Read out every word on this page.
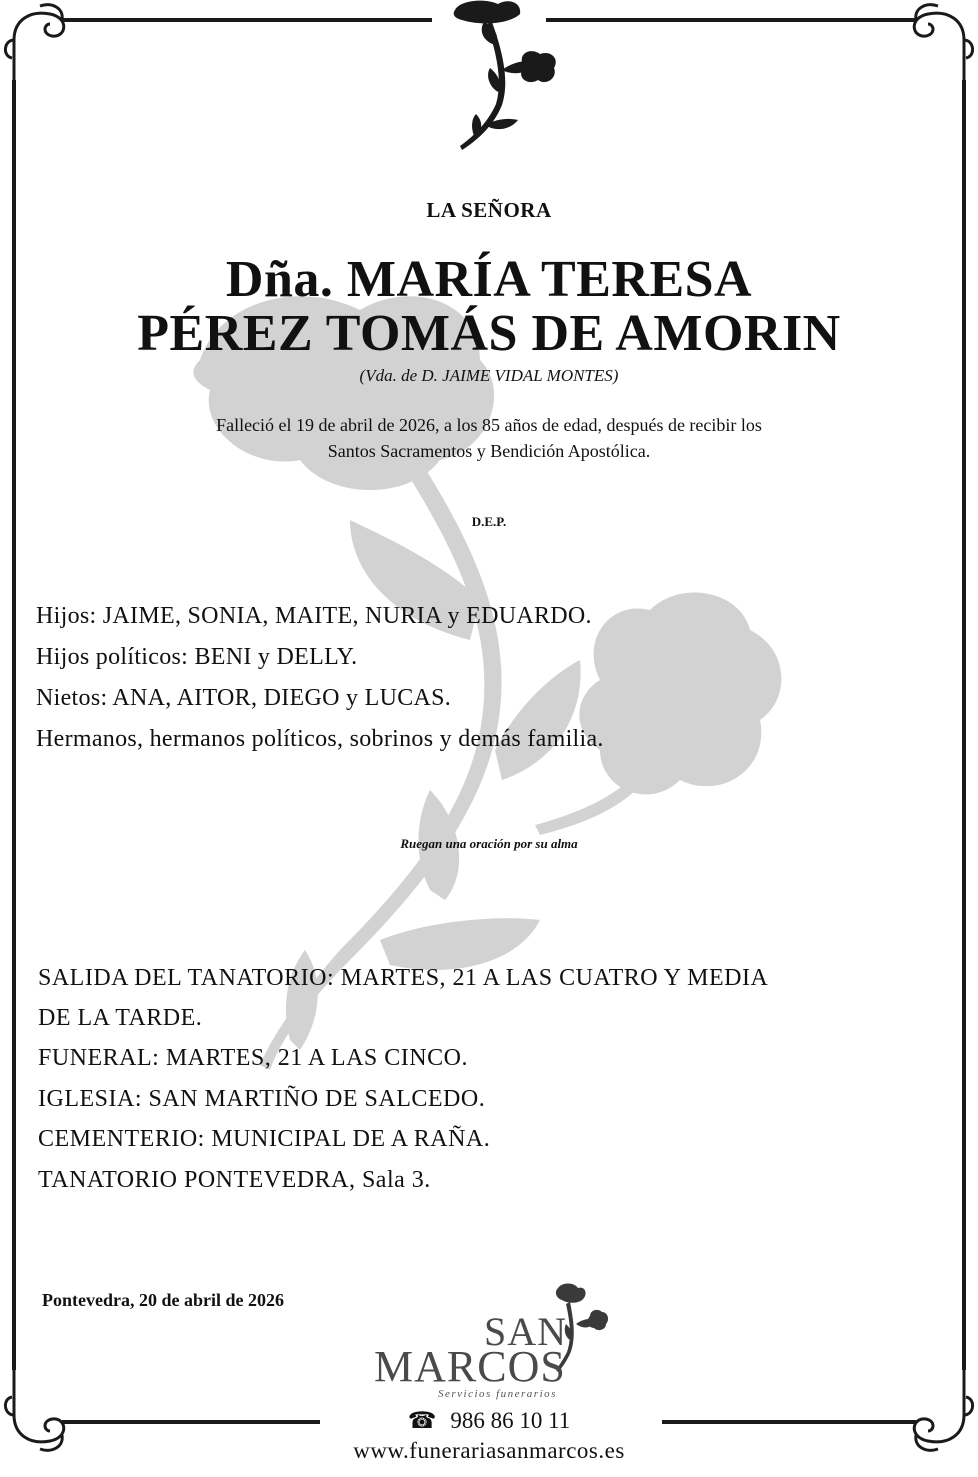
LA SEÑORA
Dña. MARÍA TERESA
PÉREZ TOMÁS DE AMORIN
(Vda. de D. JAIME VIDAL MONTES)
Falleció el 19 de abril de 2026, a los 85 años de edad, después de recibir los
Santos Sacramentos y Bendición Apostólica.
D.E.P.
Hijos: JAIME, SONIA, MAITE, NURIA y EDUARDO.
Hijos políticos: BENI y DELLY.
Nietos: ANA, AITOR, DIEGO y LUCAS.
Hermanos, hermanos políticos, sobrinos y demás familia.
Ruegan una oración por su alma
SALIDA DEL TANATORIO: MARTES, 21 A LAS CUATRO Y MEDIA
DE LA TARDE.
FUNERAL: MARTES, 21 A LAS CINCO.
IGLESIA: SAN MARTIÑO DE SALCEDO.
CEMENTERIO: MUNICIPAL DE A RAÑA.
TANATORIO PONTEVEDRA, Sala 3.
Pontevedra, 20 de abril de 2026
SAN
MARCOS
Servicios funerarios
☎ 986 86 10 11
www.funerariasanmarcos.es
